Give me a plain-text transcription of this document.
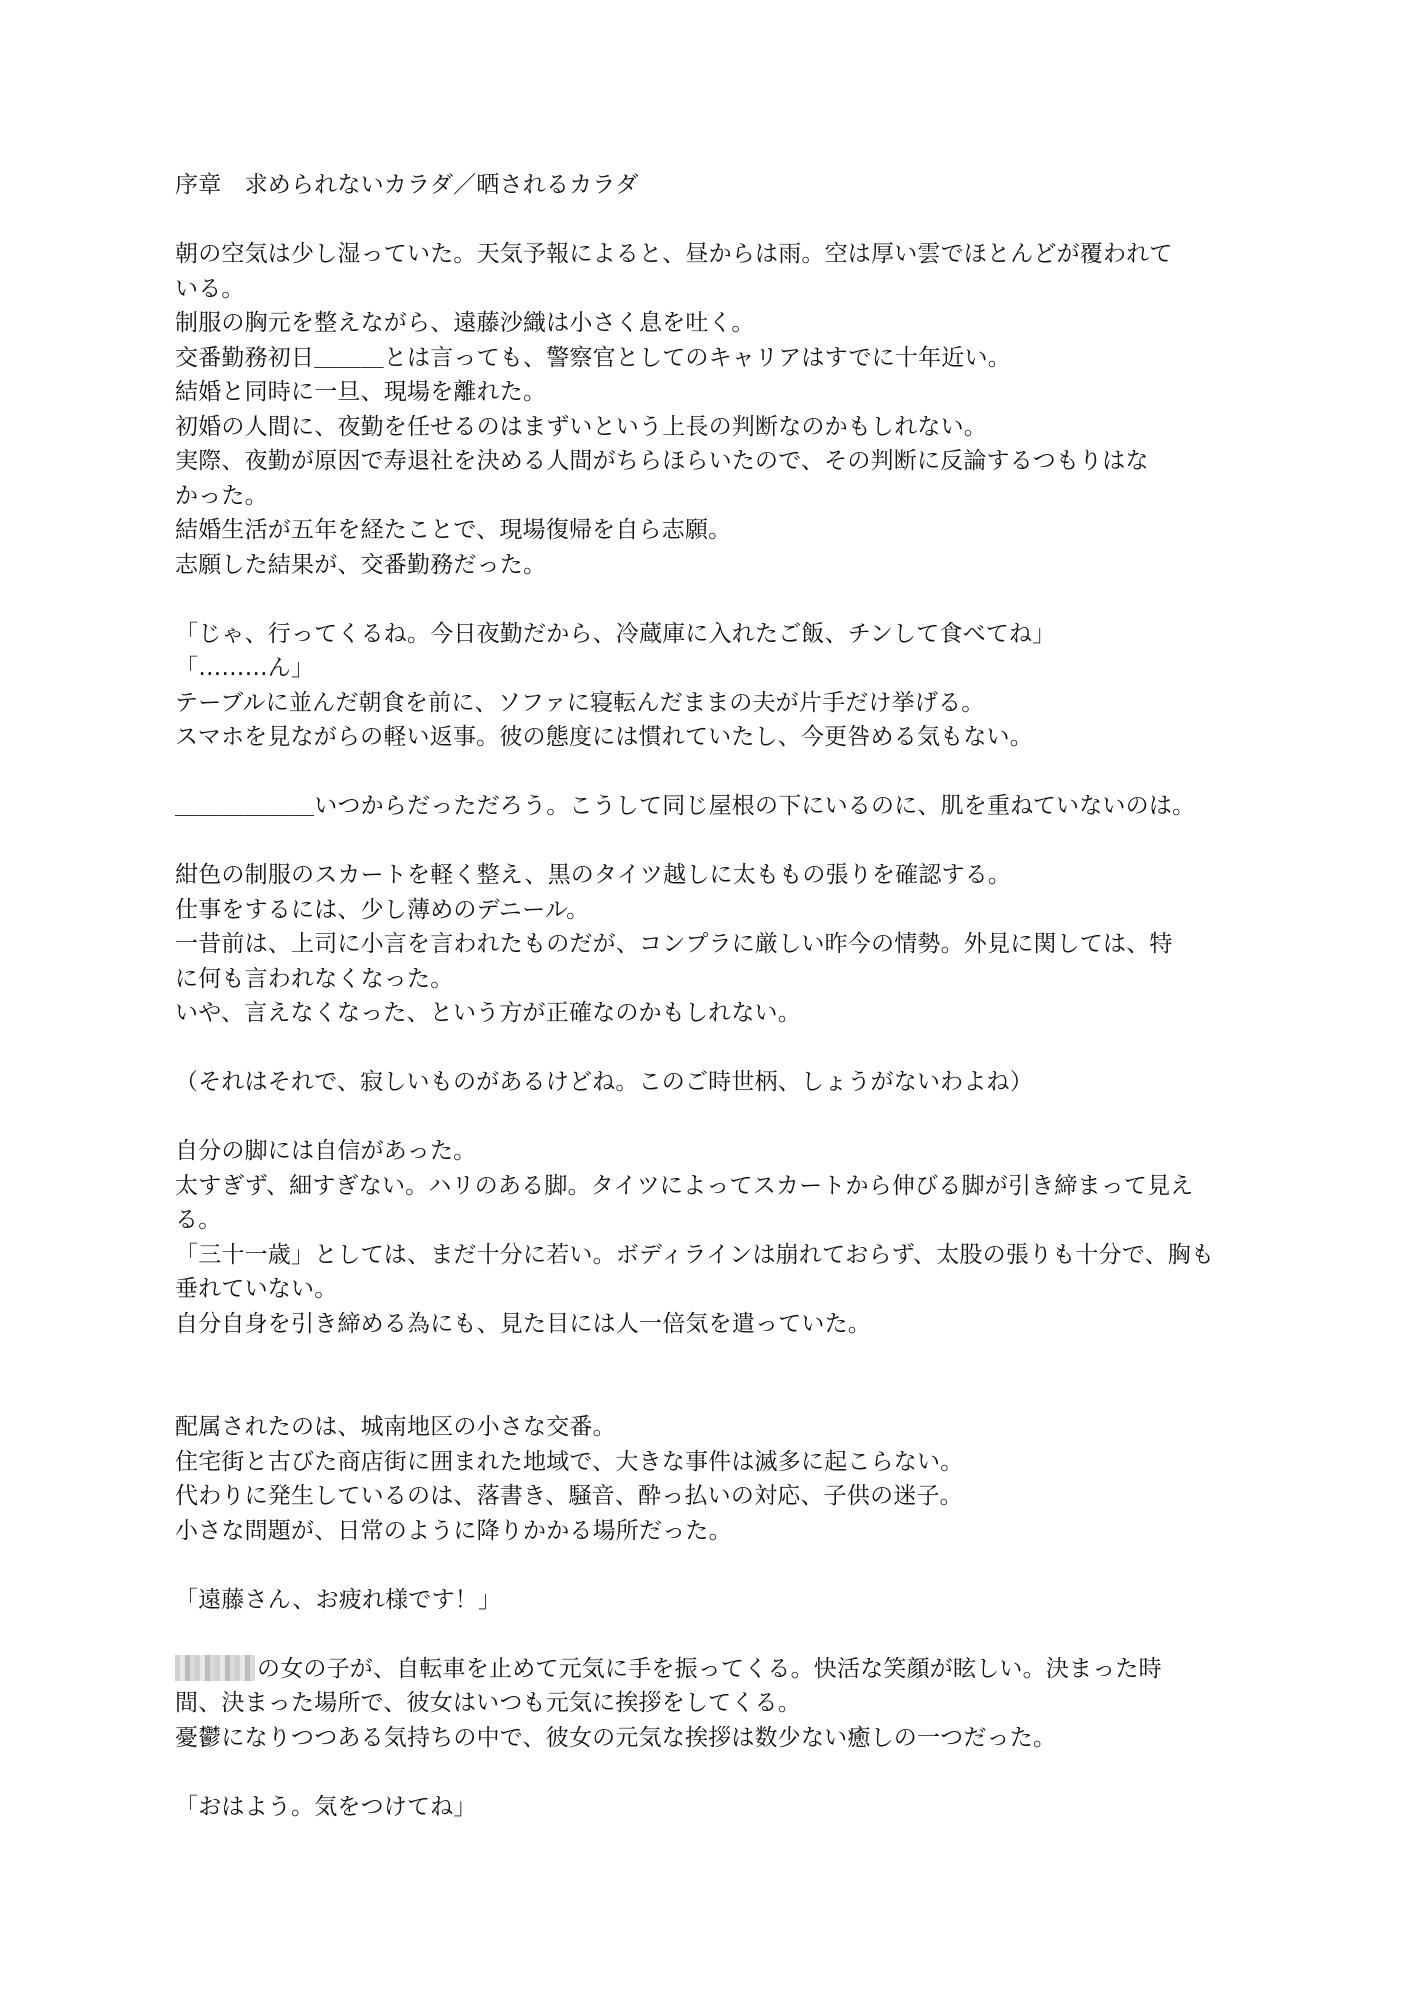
序章　求められないカラダ／晒されるカラダ
朝の空気は少し湿っていた。天気予報によると、昼からは雨。空は厚い雲でほとんどが覆われて
いる。
制服の胸元を整えながら、遠藤沙織は小さく息を吐く。
交番勤務初日＿＿＿とは言っても、警察官としてのキャリアはすでに十年近い。
結婚と同時に一旦、現場を離れた。
初婚の人間に、夜勤を任せるのはまずいという上長の判断なのかもしれない。
実際、夜勤が原因で寿退社を決める人間がちらほらいたので、その判断に反論するつもりはな
かった。
結婚生活が五年を経たことで、現場復帰を自ら志願。
志願した結果が、交番勤務だった。
「じゃ、行ってくるね。今日夜勤だから、冷蔵庫に入れたご飯、チンして食べてね」
「………ん」
テーブルに並んだ朝食を前に、ソファに寝転んだままの夫が片手だけ挙げる。
スマホを見ながらの軽い返事。彼の態度には慣れていたし、今更咎める気もない。
＿＿＿＿＿＿いつからだっただろう。こうして同じ屋根の下にいるのに、肌を重ねていないのは。
紺色の制服のスカートを軽く整え、黒のタイツ越しに太ももの張りを確認する。
仕事をするには、少し薄めのデニール。
一昔前は、上司に小言を言われたものだが、コンプラに厳しい昨今の情勢。外見に関しては、特
に何も言われなくなった。
いや、言えなくなった、という方が正確なのかもしれない。
（それはそれで、寂しいものがあるけどね。このご時世柄、しょうがないわよね）
自分の脚には自信があった。
太すぎず、細すぎない。ハリのある脚。タイツによってスカートから伸びる脚が引き締まって見え
る。
「三十一歳」としては、まだ十分に若い。ボディラインは崩れておらず、太股の張りも十分で、胸も
垂れていない。
自分自身を引き締める為にも、見た目には人一倍気を遣っていた。
配属されたのは、城南地区の小さな交番。
住宅街と古びた商店街に囲まれた地域で、大きな事件は滅多に起こらない。
代わりに発生しているのは、落書き、騒音、酔っ払いの対応、子供の迷子。
小さな問題が、日常のように降りかかる場所だった。
「遠藤さん、お疲れ様です！」
の女の子が、自転車を止めて元気に手を振ってくる。快活な笑顔が眩しい。決まった時
間、決まった場所で、彼女はいつも元気に挨拶をしてくる。
憂鬱になりつつある気持ちの中で、彼女の元気な挨拶は数少ない癒しの一つだった。
「おはよう。気をつけてね」
